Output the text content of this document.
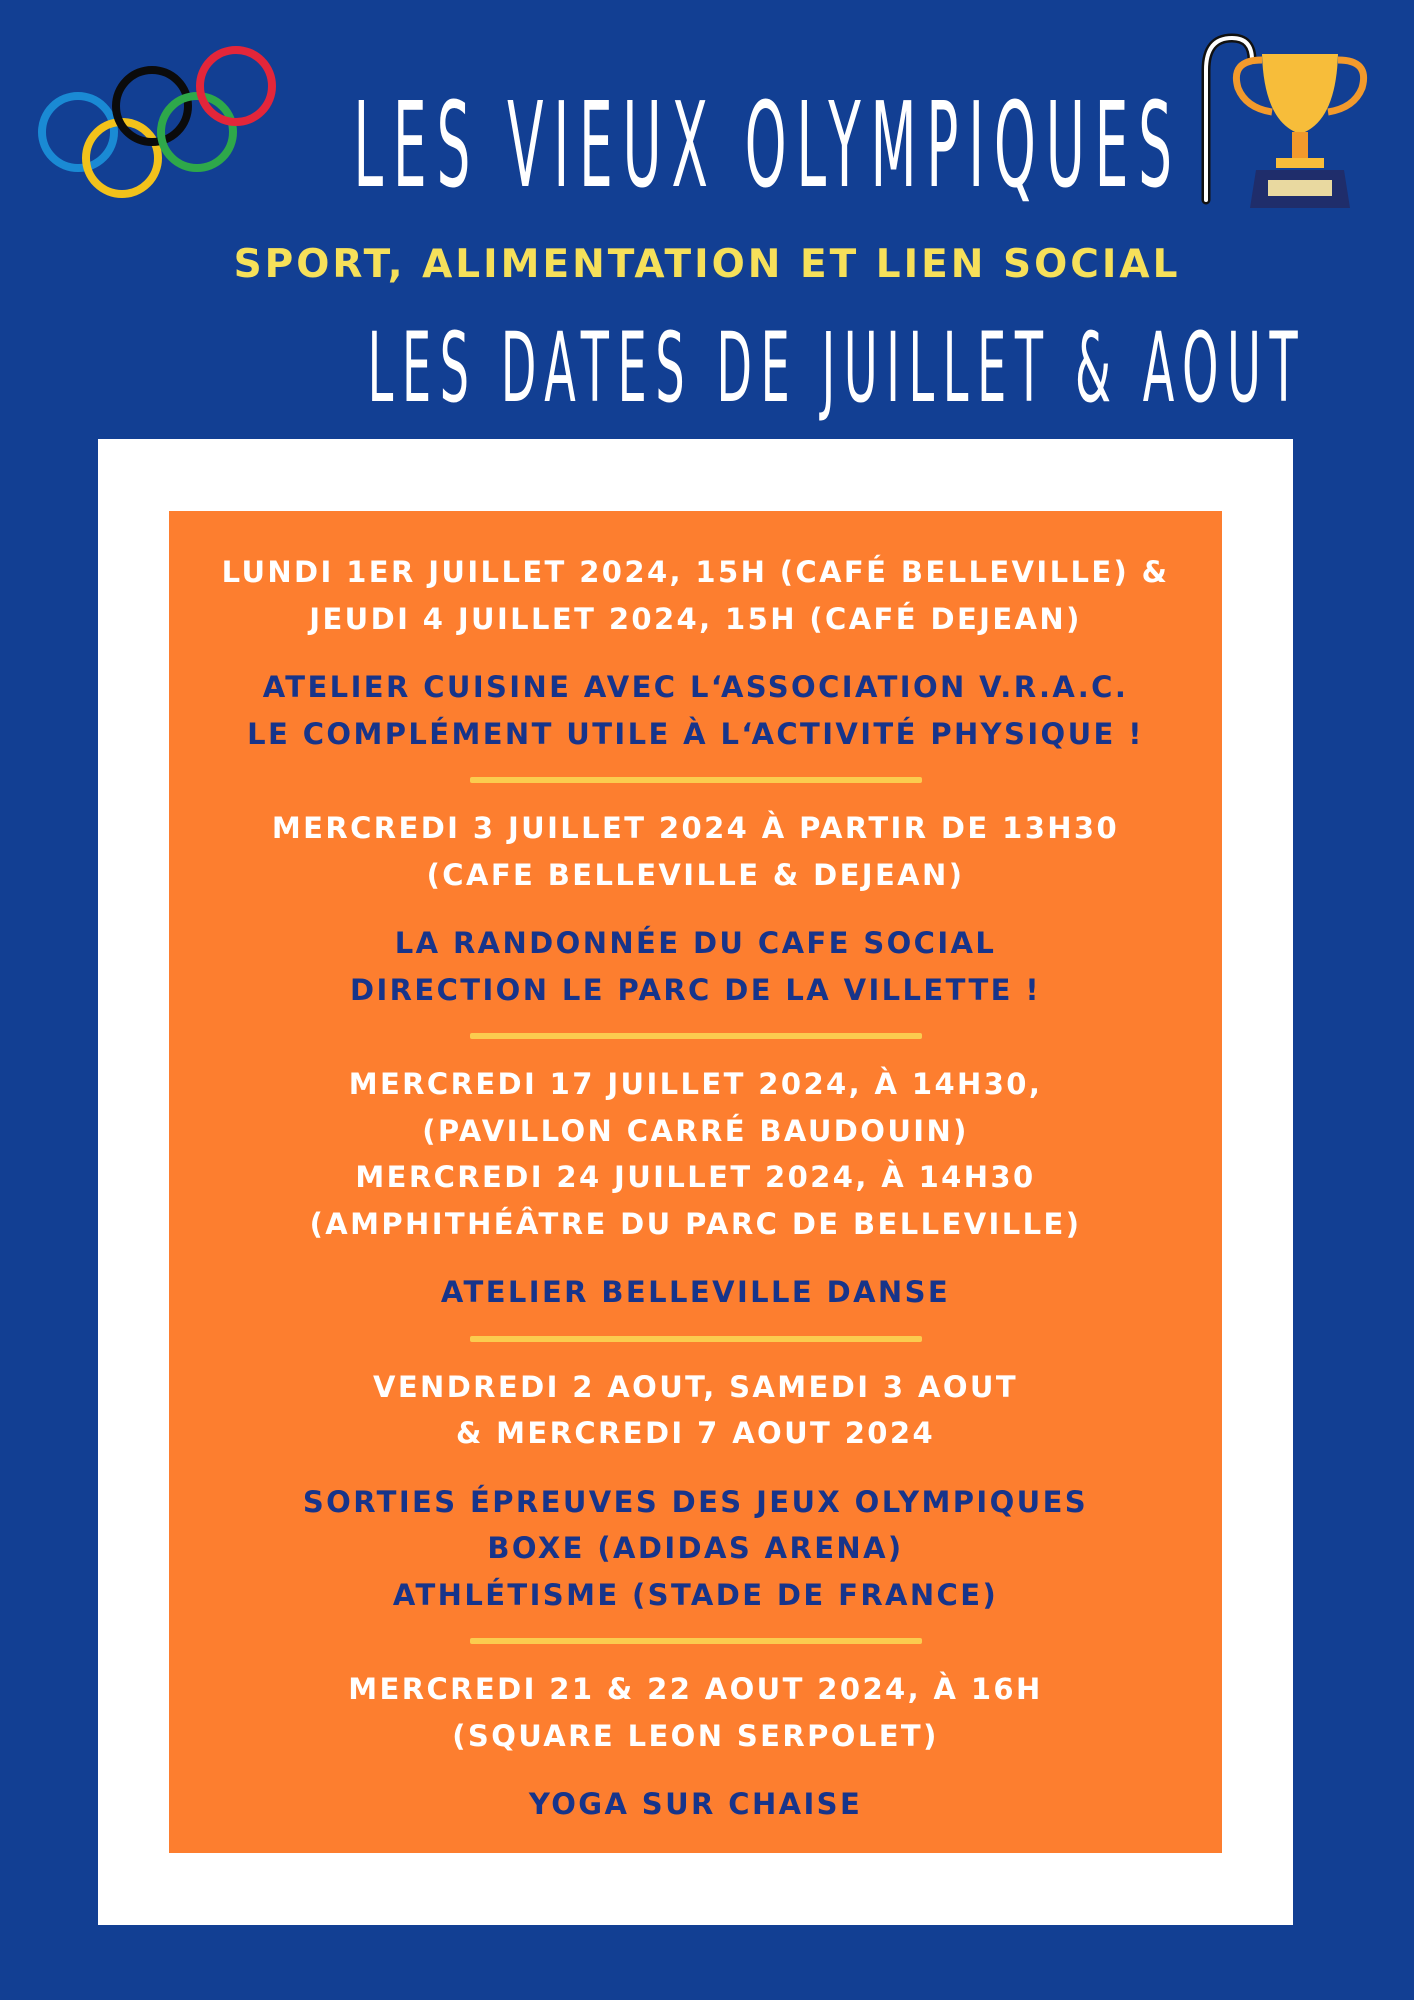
LES VIEUX OLYMPIQUES
SPORT, ALIMENTATION ET LIEN SOCIAL
LES DATES DE JUILLET & AOUT

LUNDI 1ER JUILLET 2024, 15H (CAFÉ BELLEVILLE) &
JEUDI 4 JUILLET 2024, 15H (CAFÉ DEJEAN)

ATELIER CUISINE AVEC L‘ASSOCIATION V.R.A.C.
LE COMPLÉMENT UTILE À L‘ACTIVITÉ PHYSIQUE !

MERCREDI 3 JUILLET 2024 À PARTIR DE 13H30
(CAFE BELLEVILLE & DEJEAN)

LA RANDONNÉE DU CAFE SOCIAL
DIRECTION LE PARC DE LA VILLETTE !

MERCREDI 17 JUILLET 2024, À 14H30,
(PAVILLON CARRÉ BAUDOUIN)
MERCREDI 24 JUILLET 2024, À 14H30
(AMPHITHÉÂTRE DU PARC DE BELLEVILLE)

ATELIER BELLEVILLE DANSE

VENDREDI 2 AOUT, SAMEDI 3 AOUT
& MERCREDI 7 AOUT 2024

SORTIES ÉPREUVES DES JEUX OLYMPIQUES
BOXE (ADIDAS ARENA)
ATHLÉTISME (STADE DE FRANCE)

MERCREDI 21 & 22 AOUT 2024, À 16H
(SQUARE LEON SERPOLET)

YOGA SUR CHAISE
